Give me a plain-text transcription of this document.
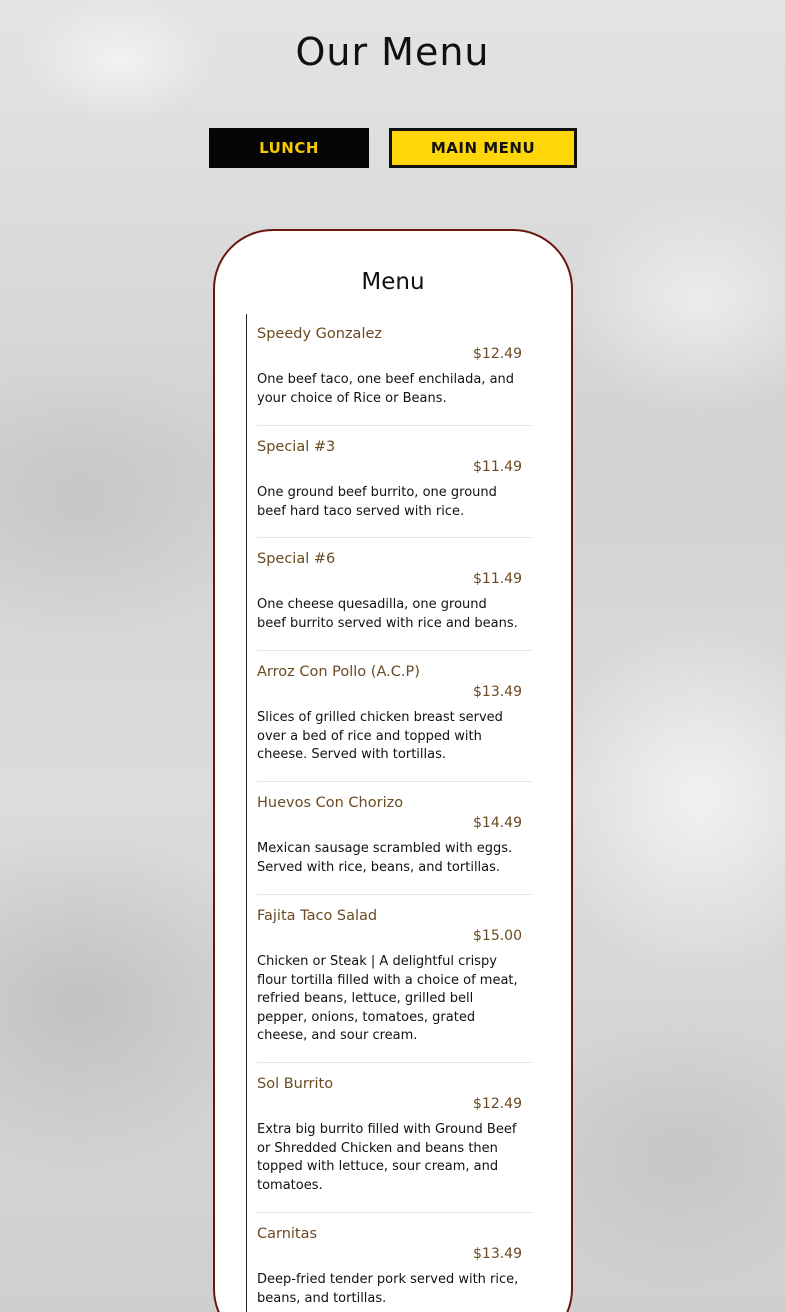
Our Menu
LUNCH	MAIN MENU
Menu
Speedy Gonzalez
$12.49
One beef taco, one beef enchilada, and your choice of Rice or Beans.
Special #3
$11.49
One ground beef burrito, one ground beef hard taco served with rice.
Special #6
$11.49
One cheese quesadilla, one ground beef burrito served with rice and beans.
Arroz Con Pollo (A.C.P)
$13.49
Slices of grilled chicken breast served over a bed of rice and topped with cheese. Served with tortillas.
Huevos Con Chorizo
$14.49
Mexican sausage scrambled with eggs. Served with rice, beans, and tortillas.
Fajita Taco Salad
$15.00
Chicken or Steak | A delightful crispy flour tortilla filled with a choice of meat, refried beans, lettuce, grilled bell pepper, onions, tomatoes, grated cheese, and sour cream.
Sol Burrito
$12.49
Extra big burrito filled with Ground Beef or Shredded Chicken and beans then topped with lettuce, sour cream, and tomatoes.
Carnitas
$13.49
Deep-fried tender pork served with rice, beans, and tortillas.
